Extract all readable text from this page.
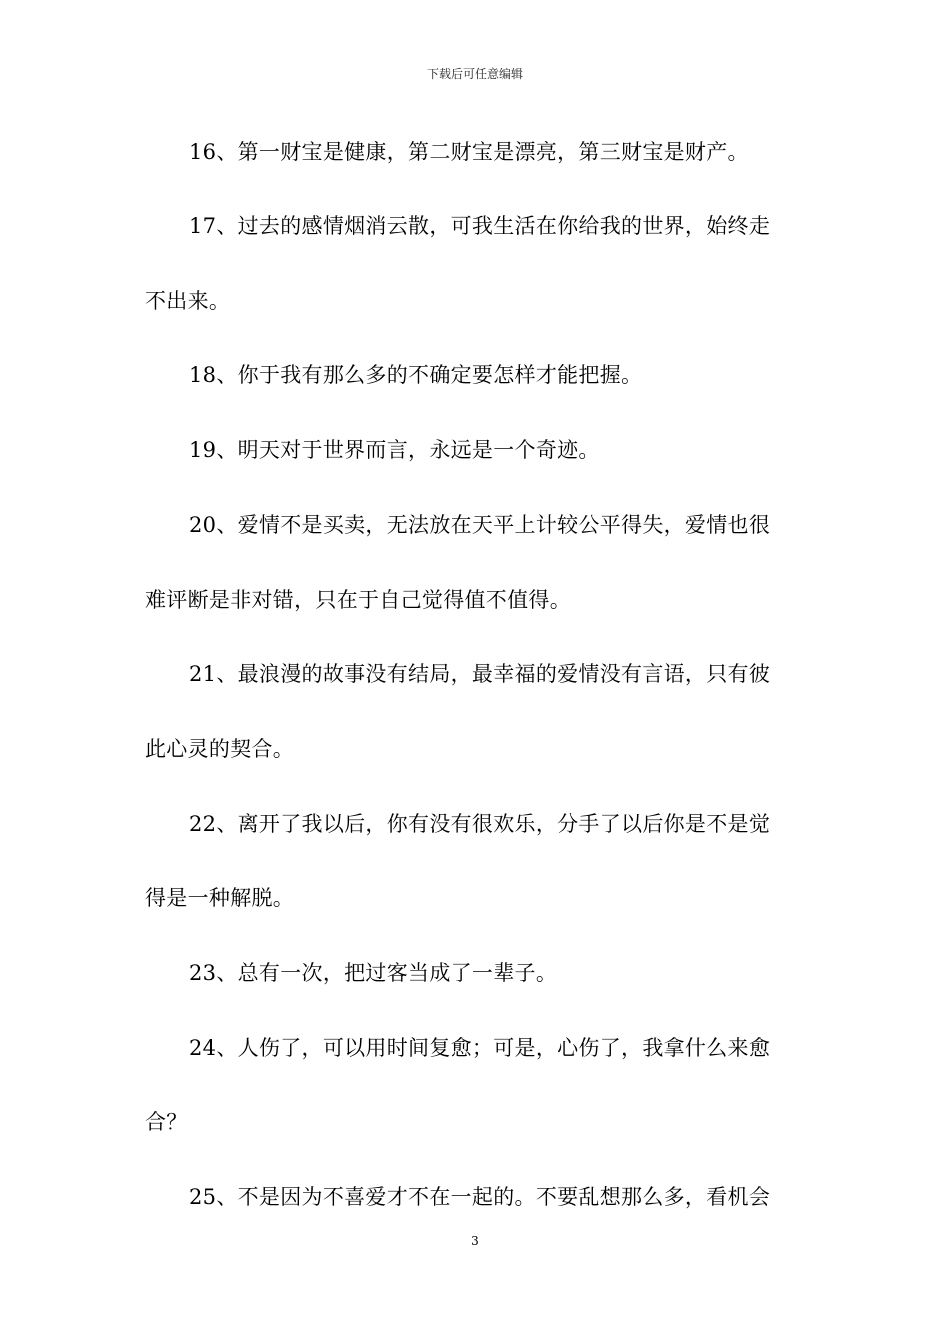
下载后可任意编辑
16、第一财宝是健康，第二财宝是漂亮，第三财宝是财产。
17、过去的感情烟消云散，可我生活在你给我的世界，始终走
不出来。
18、你于我有那么多的不确定要怎样才能把握。
19、明天对于世界而言，永远是一个奇迹。
20、爱情不是买卖，无法放在天平上计较公平得失，爱情也很
难评断是非对错，只在于自己觉得值不值得。
21、最浪漫的故事没有结局，最幸福的爱情没有言语，只有彼
此心灵的契合。
22、离开了我以后，你有没有很欢乐，分手了以后你是不是觉
得是一种解脱。
23、总有一次，把过客当成了一辈子。
24、人伤了，可以用时间复愈；可是，心伤了，我拿什么来愈
合？
25、不是因为不喜爱才不在一起的。不要乱想那么多，看机会
3
